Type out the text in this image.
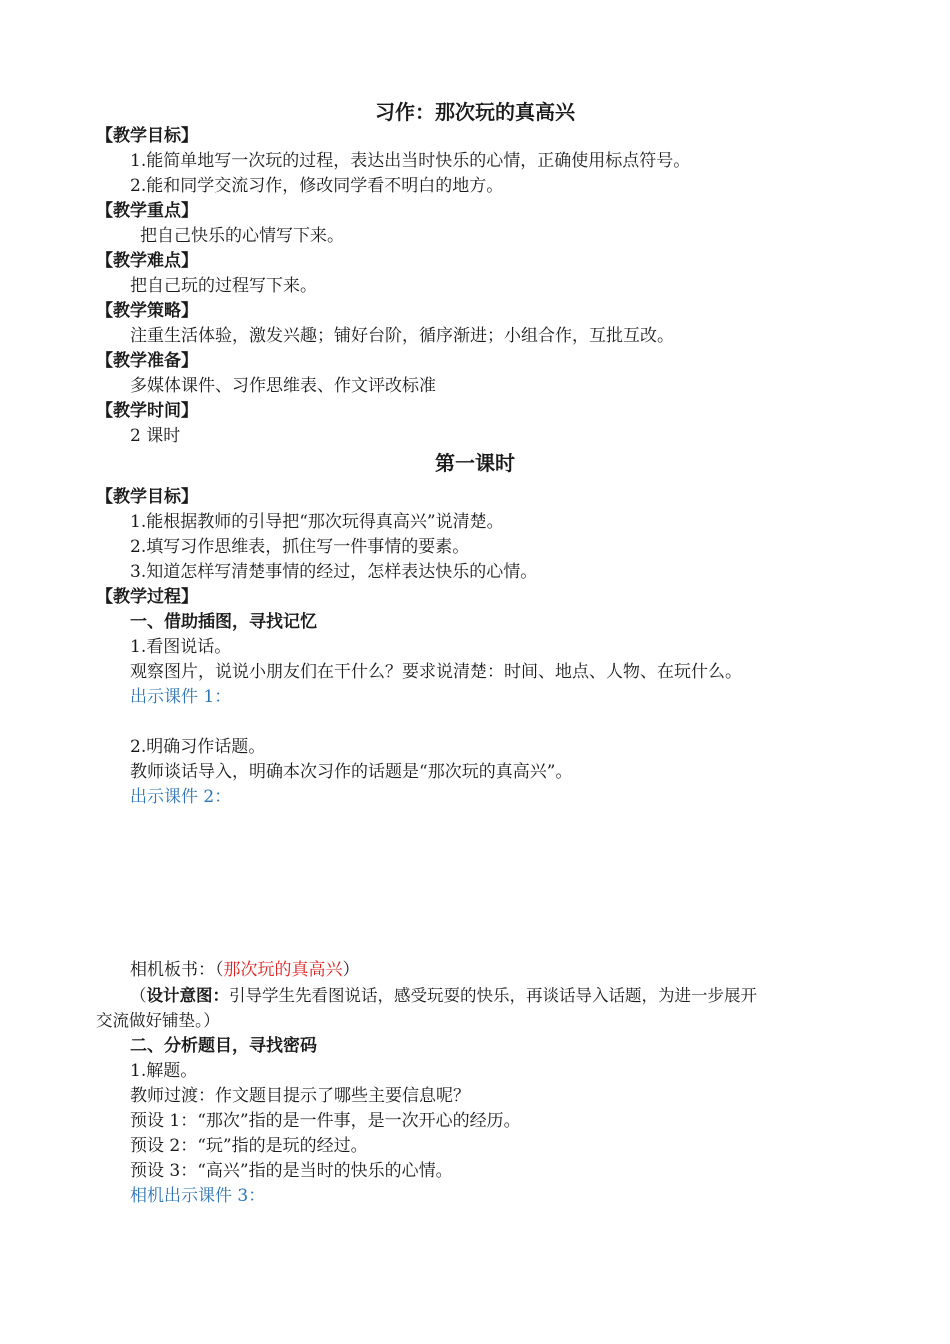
习作：那次玩的真高兴
【教学目标】
1.能简单地写一次玩的过程，表达出当时快乐的心情，正确使用标点符号。
2.能和同学交流习作，修改同学看不明白的地方。
【教学重点】
把自己快乐的心情写下来。
【教学难点】
把自己玩的过程写下来。
【教学策略】
注重生活体验，激发兴趣；铺好台阶，循序渐进；小组合作，互批互改。
【教学准备】
多媒体课件、习作思维表、作文评改标准
【教学时间】
2 课时
第一课时
【教学目标】
1.能根据教师的引导把“那次玩得真高兴”说清楚。
2.填写习作思维表，抓住写一件事情的要素。
3.知道怎样写清楚事情的经过，怎样表达快乐的心情。
【教学过程】
一、借助插图，寻找记忆
1.看图说话。
观察图片，说说小朋友们在干什么？要求说清楚：时间、地点、人物、在玩什么。
出示课件 1：
2.明确习作话题。
教师谈话导入，明确本次习作的话题是“那次玩的真高兴”。
出示课件 2：
相机板书：（那次玩的真高兴）
（设计意图：引导学生先看图说话，感受玩耍的快乐，再谈话导入话题，为进一步展开
交流做好铺垫。）
二、分析题目，寻找密码
1.解题。
教师过渡：作文题目提示了哪些主要信息呢？
预设 1：“那次”指的是一件事，是一次开心的经历。
预设 2：“玩”指的是玩的经过。
预设 3：“高兴”指的是当时的快乐的心情。
相机出示课件 3：
